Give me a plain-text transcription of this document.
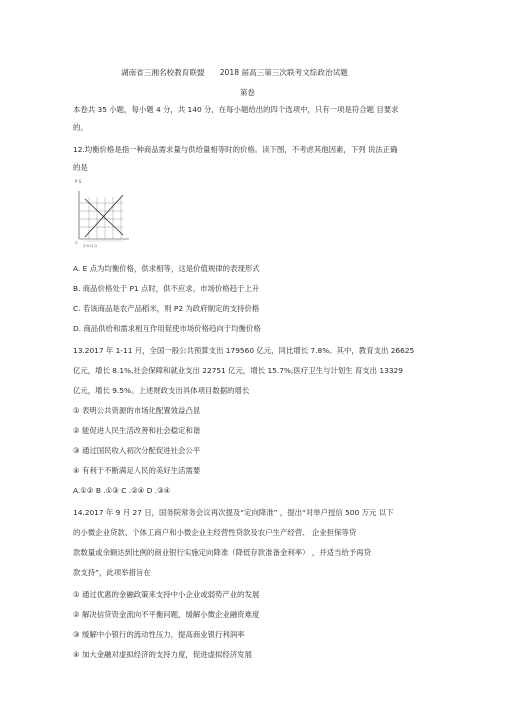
湖南省三湘名校教育联盟　　2018 届高三第三次联考文综政治试题
第卷
本卷共 35 小题，每小题 4 分，共 140 分，在每小题给出的四个选项中，只有一项是符合题 目要求
的。
12.均衡价格是指一种商品需求量与供给量相等时的价格。读下图，不考虑其他因素，下列 说法正确
的是
P S
O
Q D Q Q
A. E 点为均衡价格，供求相等，这是价值规律的表现形式
B. 商品价格处于 P1 点时，供不应求，市场价格趋于上升
C. 若该商品是农产品稻米，则 P2 为政府制定的支持价格
D. 商品供给和需求相互作用促使市场价格趋向于均衡价格
13.2017 年 1-11 月，全国一般公共预算支出 179560 亿元，同比增长 7.8%。其中，教育支出 26625
亿元，增长 8.1%,社会保障和就业支出 22751 亿元，增长 15.7%;医疗卫生与计划生 育支出 13329
亿元，增长 9.5%。上述财政支出具体项目数据的增长
① 表明公共资源的市场化配置效益凸显
② 能促进人民生活改善和社会稳定和谐
③ 通过国民收入初次分配促进社会公平
④ 有利于不断满足人民的美好生活需要
A.①② B .①③ C .②④ D .③④
14.2017 年 9 月 27 日，国务院常务会议再次提及“定向降准” ，提出“对单户授信 500 万元 以下
的小微企业贷款、个体工商户和小微企业主经营性贷款及农户生产经营、 企业担保等贷
款数量或余额达到比例的商业银行实施定向降准（降低存款准备金利率） ，并适当给予再贷
款支持”，此项举措旨在
① 通过优惠的金融政策来支持中小企业或弱势产业的发展
② 解决信贷资金流向不平衡问题，缓解小微企业融资难度
③ 缓解中小银行的流动性压力，提高商业银行利润率
④ 加大金融对虚拟经济的支持力度，促进虚拟经济发展
